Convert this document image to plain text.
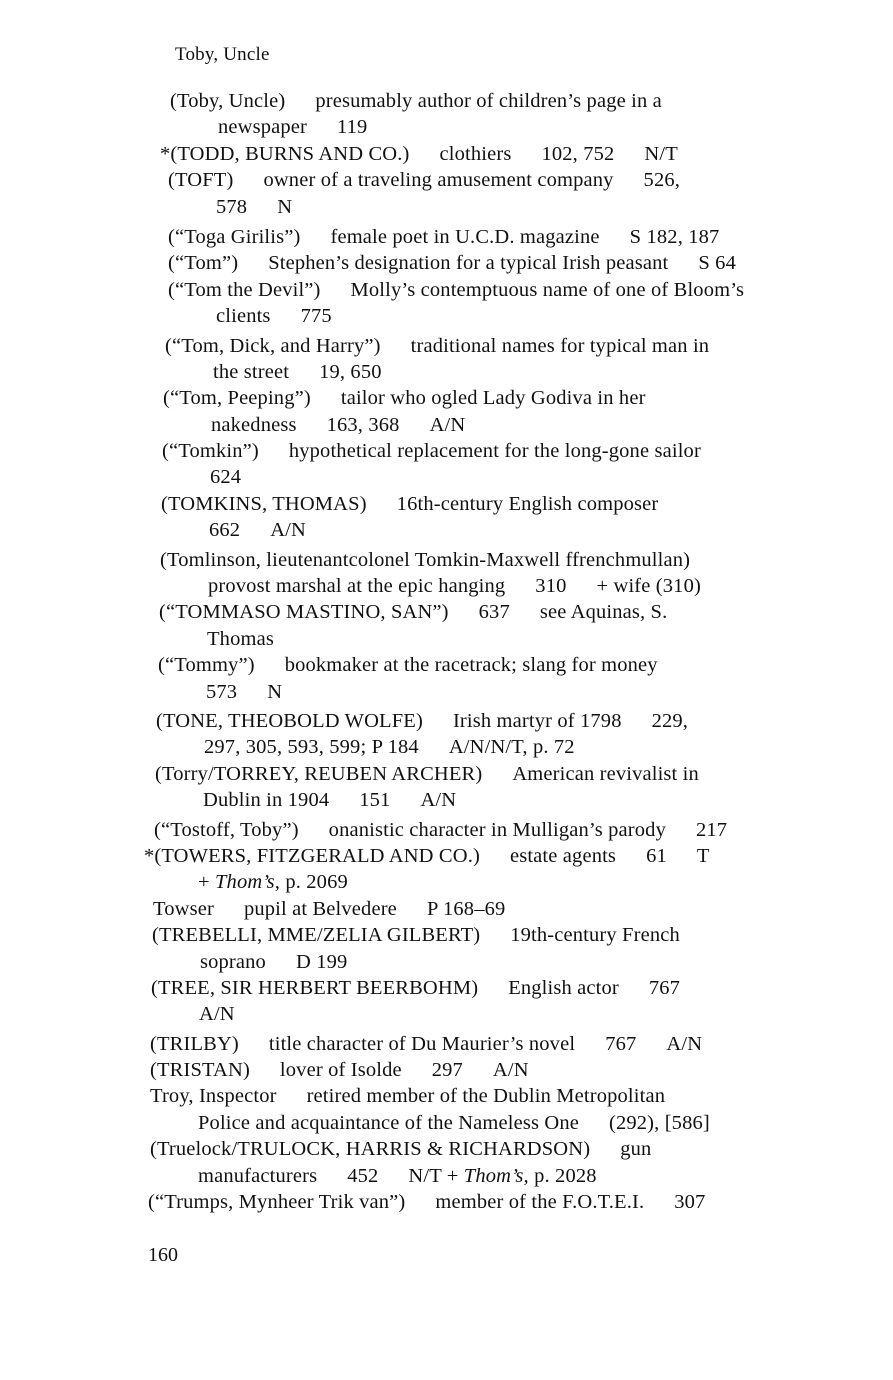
Toby, Uncle
(Toby, Uncle) presumably author of children’s page in a
newspaper 119
*(TODD, BURNS AND CO.) clothiers 102, 752 N/T
(TOFT) owner of a traveling amusement company 526,
578 N
(“Toga Girilis”) female poet in U.C.D. magazine S 182, 187
(“Tom”) Stephen’s designation for a typical Irish peasant S 64
(“Tom the Devil”) Molly’s contemptuous name of one of Bloom’s
clients 775
(“Tom, Dick, and Harry”) traditional names for typical man in
the street 19, 650
(“Tom, Peeping”) tailor who ogled Lady Godiva in her
nakedness 163, 368 A/N
(“Tomkin”) hypothetical replacement for the long-gone sailor
624
(TOMKINS, THOMAS) 16th-century English composer
662 A/N
(Tomlinson, lieutenantcolonel Tomkin-Maxwell ffrenchmullan)
provost marshal at the epic hanging 310 + wife (310)
(“TOMMASO MASTINO, SAN”) 637 see Aquinas, S.
Thomas
(“Tommy”) bookmaker at the racetrack; slang for money
573 N
(TONE, THEOBOLD WOLFE) Irish martyr of 1798 229,
297, 305, 593, 599; P 184 A/N/N/T, p. 72
(Torry/TORREY, REUBEN ARCHER) American revivalist in
Dublin in 1904 151 A/N
(“Tostoff, Toby”) onanistic character in Mulligan’s parody 217
*(TOWERS, FITZGERALD AND CO.) estate agents 61 T
+ Thom’s, p. 2069
Towser pupil at Belvedere P 168–69
(TREBELLI, MME/ZELIA GILBERT) 19th-century French
soprano D 199
(TREE, SIR HERBERT BEERBOHM) English actor 767
A/N
(TRILBY) title character of Du Maurier’s novel 767 A/N
(TRISTAN) lover of Isolde 297 A/N
Troy, Inspector retired member of the Dublin Metropolitan
Police and acquaintance of the Nameless One (292), [586]
(Truelock/TRULOCK, HARRIS & RICHARDSON) gun
manufacturers 452 N/T + Thom’s, p. 2028
(“Trumps, Mynheer Trik van”) member of the F.O.T.E.I. 307
160
